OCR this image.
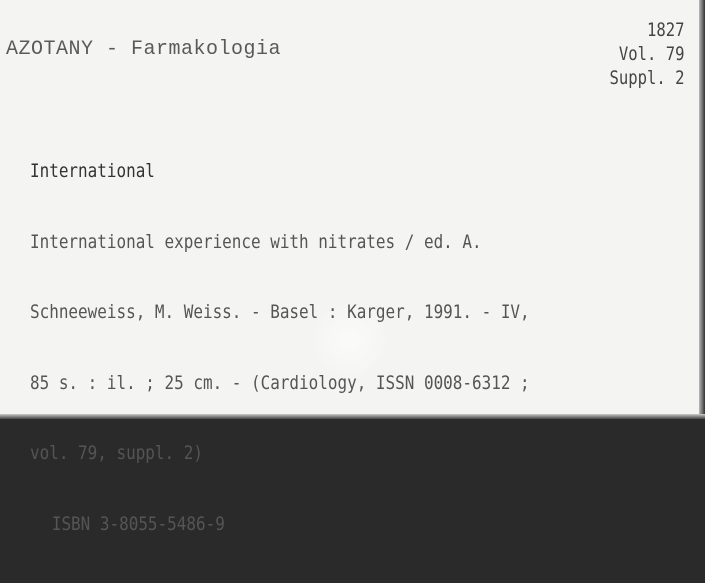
AZOTANY - Farmakologia
1827
Vol. 79
Suppl. 2

International

International experience with nitrates / ed. A.

Schneeweiss, M. Weiss. - Basel : Karger, 1991. - IV,

85 s. : il. ; 25 cm. - (Cardiology, ISSN 0008-6312 ;

vol. 79, suppl. 2)

ISBN 3-8055-5486-9
